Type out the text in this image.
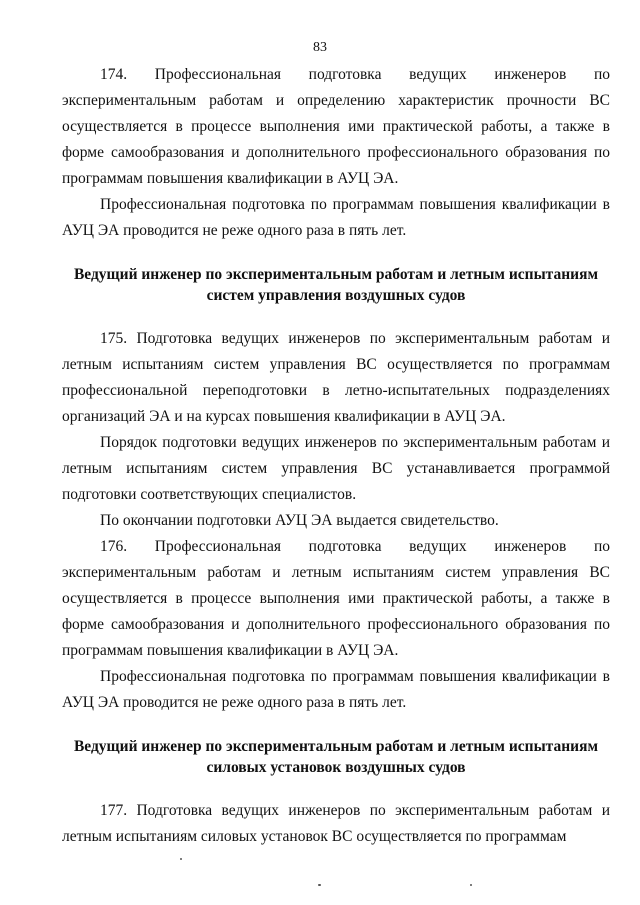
83

174. Профессиональная подготовка ведущих инженеров по экспериментальным работам и определению характеристик прочности ВС осуществляется в процессе выполнения ими практической работы, а также в форме самообразования и дополнительного профессионального образования по программам повышения квалификации в АУЦ ЭА.

Профессиональная подготовка по программам повышения квалификации в АУЦ ЭА проводится не реже одного раза в пять лет.

Ведущий инженер по экспериментальным работам и летным испытаниям
систем управления воздушных судов

175. Подготовка ведущих инженеров по экспериментальным работам и летным испытаниям систем управления ВС осуществляется по программам профессиональной переподготовки в летно-испытательных подразделениях организаций ЭА и на курсах повышения квалификации в АУЦ ЭА.

Порядок подготовки ведущих инженеров по экспериментальным работам и летным испытаниям систем управления ВС устанавливается программой подготовки соответствующих специалистов.

По окончании подготовки АУЦ ЭА выдается свидетельство.

176. Профессиональная подготовка ведущих инженеров по экспериментальным работам и летным испытаниям систем управления ВС осуществляется в процессе выполнения ими практической работы, а также в форме самообразования и дополнительного профессионального образования по программам повышения квалификации в АУЦ ЭА.

Профессиональная подготовка по программам повышения квалификации в АУЦ ЭА проводится не реже одного раза в пять лет.

Ведущий инженер по экспериментальным работам и летным испытаниям
силовых установок воздушных судов

177. Подготовка ведущих инженеров по экспериментальным работам и летным испытаниям силовых установок ВС осуществляется по программам
